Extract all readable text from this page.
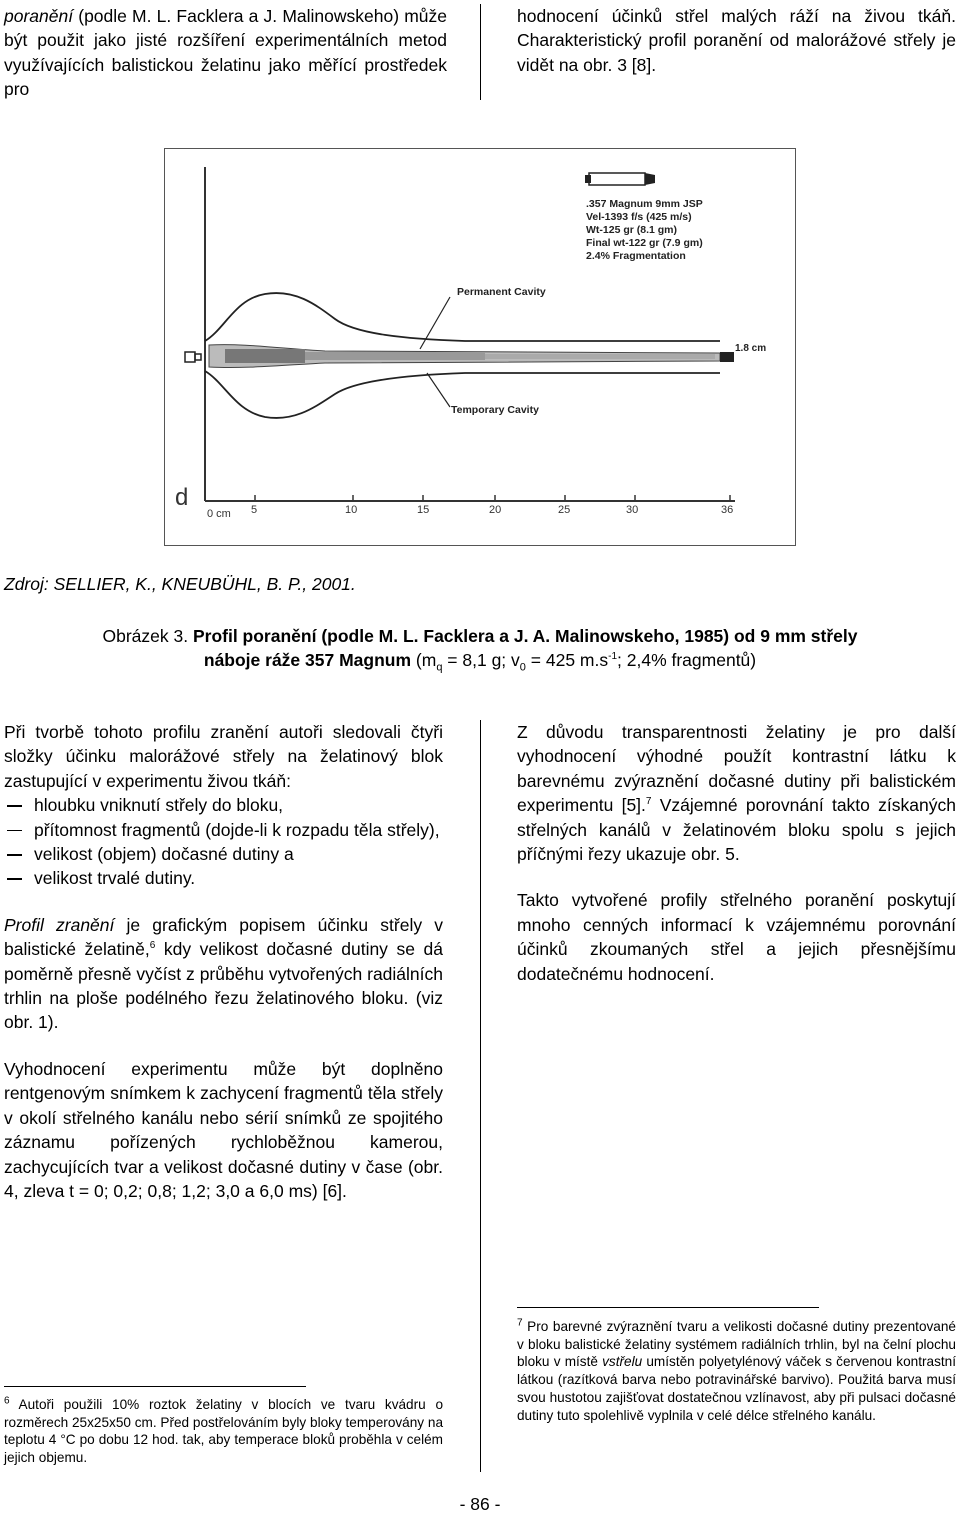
poranění (podle M. L. Facklera a J. Malinowskeho) může být použit jako jisté rozšíření experimentálních metod využívajících balistickou želatinu jako měřící prostředek pro

hodnocení účinků střel malých ráží na živou tkáň. Charakteristický profil poranění od malorážové střely je vidět na obr. 3 [8].

0 cm 5	10	15	20	25	30	36
d
.357 Magnum 9mm JSP
Vel-1393 f/s (425 m/s)
Wt-125 gr (8.1 gm)
Final wt-122 gr (7.9 gm)
2.4% Fragmentation
1.8 cm
Permanent Cavity
Temporary Cavity
Zdroj: SELLIER, K., KNEUBÜHL, B. P., 2001.
Obrázek 3. Profil poranění (podle M. L. Facklera a J. A. Malinowskeho, 1985) od 9 mm střely
náboje ráže 357 Magnum ($m_q = 8,1$ g; $v_0 = 425$ $m.s^{-1}$; 2,4% fragmentů)

Při tvorbě tohoto profilu zranění autoři sledovali čtyři složky účinku malorážové střely na želatinový blok zastupující v experimentu živou tkáň:

hloubku vniknutí střely do bloku,
přítomnost fragmentů (dojde-li k rozpadu těla střely),
velikost (objem) dočasné dutiny a
velikost trvalé dutiny.

Profil zranění je grafickým popisem účinku střely v balistické želatině,$^6$ kdy velikost dočasné dutiny se dá poměrně přesně vyčíst z průběhu vytvořených radiálních trhlin na ploše podélného řezu želatinového bloku. (viz obr. 1).

Vyhodnocení experimentu může být doplněno rentgenovým snímkem k zachycení fragmentů těla střely v okolí střelného kanálu nebo sérií snímků ze spojitého záznamu pořízených rychloběžnou kamerou, zachycujících tvar a velikost dočasné dutiny v čase (obr. 4, zleva t = 0; 0,2; 0,8; 1,2; 3,0 a 6,0 ms) [6].

Z důvodu transparentnosti želatiny je pro další vyhodnocení výhodné použít kontrastní látku k barevnému zvýraznění dočasné dutiny při balistickém experimentu [5].$^7$ Vzájemné porovnání takto získaných střelných kanálů v želatinovém bloku spolu s jejich příčnými řezy ukazuje obr. 5.

Takto vytvořené profily střelného poranění poskytují mnoho cenných informací k vzájemnému porovnání účinků zkoumaných střel a jejich přesnějšímu dodatečnému hodnocení.

$^6$ Autoři použili 10% roztok želatiny v blocích ve tvaru kvádru o rozměrech 25x25x50 cm. Před postřelováním byly bloky temperovány na teplotu 4 °C po dobu 12 hod. tak, aby temperace bloků proběhla v celém jejich objemu.
$^7$ Pro barevné zvýraznění tvaru a velikosti dočasné dutiny prezentované v bloku balistické želatiny systémem radiálních trhlin, byl na čelní plochu bloku v místě vstřelu umístěn polyetylénový váček s červenou kontrastní látkou (razítková barva nebo potravinářské barvivo). Použitá barva musí svou hustotou zajišťovat dostatečnou vzlínavost, aby při pulsaci dočasné dutiny tuto spolehlivě vyplnila v celé délce střelného kanálu.
- 86 -
